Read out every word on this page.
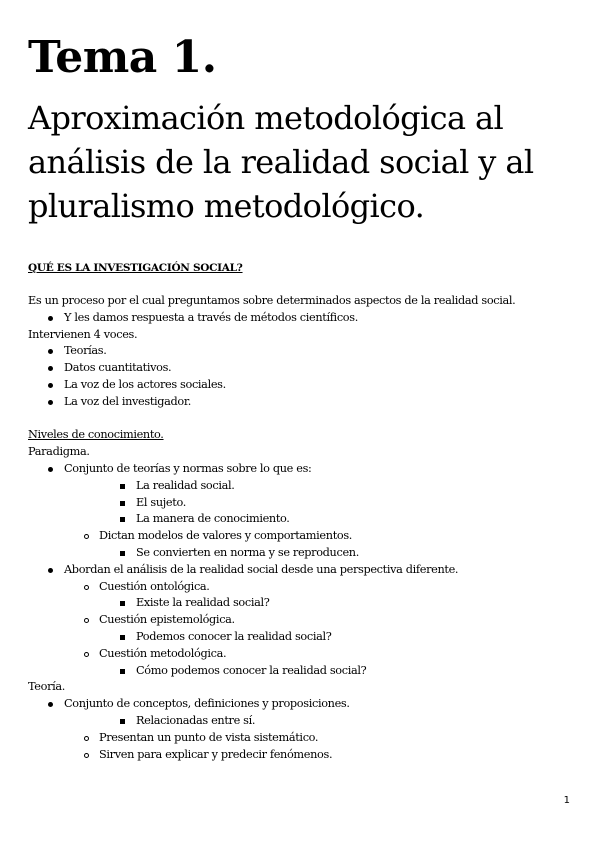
Tema 1.
Aproximación metodológica al análisis de la realidad social y al pluralismo metodológico.
QUÉ ES LA INVESTIGACIÓN SOCIAL?
Es un proceso por el cual preguntamos sobre determinados aspectos de la realidad social.
Y les damos respuesta a través de métodos científicos.
Intervienen 4 voces.
Teorías.
Datos cuantitativos.
La voz de los actores sociales.
La voz del investigador.
Niveles de conocimiento.
Paradigma.
Conjunto de teorías y normas sobre lo que es:
La realidad social.
El sujeto.
La manera de conocimiento.
Dictan modelos de valores y comportamientos.
Se convierten en norma y se reproducen.
Abordan el análisis de la realidad social desde una perspectiva diferente.
Cuestión ontológica.
Existe la realidad social?
Cuestión epistemológica.
Podemos conocer la realidad social?
Cuestión metodológica.
Cómo podemos conocer la realidad social?
Teoría.
Conjunto de conceptos, definiciones y proposiciones.
Relacionadas entre sí.
Presentan un punto de vista sistemático.
Sirven para explicar y predecir fenómenos.
1
